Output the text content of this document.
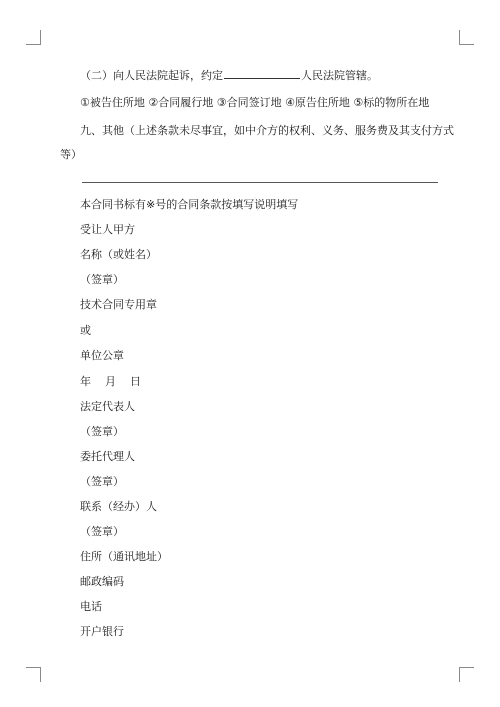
（二）向人民法院起诉，约定	人民法院管辖。
①被告住所地 ②合同履行地 ③合同签订地 ④原告住所地 ⑤标的物所在地
九、其他（上述条款未尽事宜，如中介方的权利、义务、服务费及其支付方式
等）
本合同书标有※号的合同条款按填写说明填写
受让人甲方
名称（或姓名）
（签章）
技术合同专用章
或
单位公章
年    月    日
法定代表人
（签章）
委托代理人
（签章）
联系（经办）人
（签章）
住所（通讯地址）
邮政编码
电话
开户银行
